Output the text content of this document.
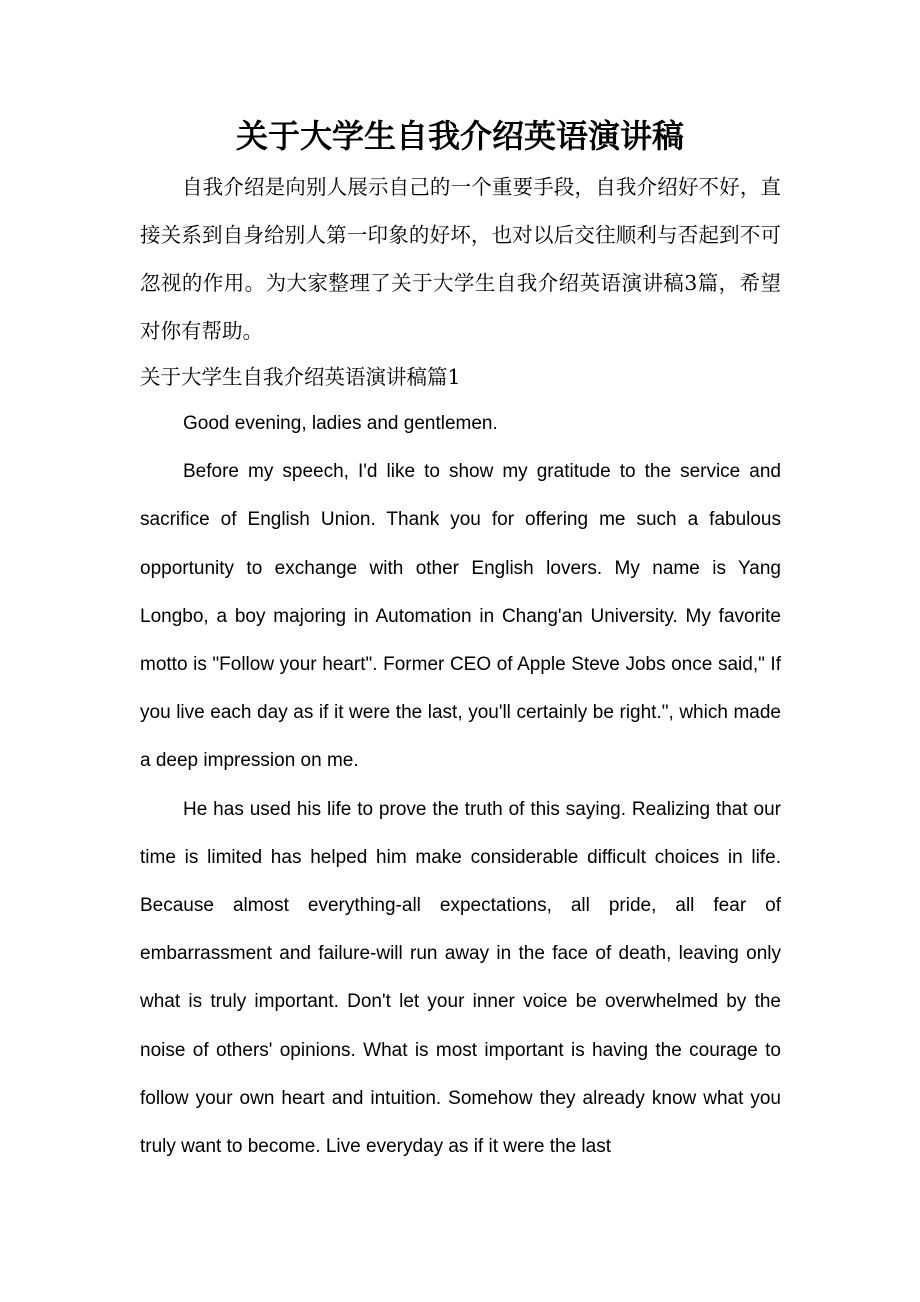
关于大学生自我介绍英语演讲稿

自我介绍是向别人展示自己的一个重要手段，自我介绍好不好，直接关系到自身给别人第一印象的好坏，也对以后交往顺利与否起到不可忽视的作用。为大家整理了关于大学生自我介绍英语演讲稿3篇，希望对你有帮助。

关于大学生自我介绍英语演讲稿篇1

Good evening, ladies and gentlemen.

Before my speech, I'd like to show my gratitude to the service and sacrifice of English Union. Thank you for offering me such a fabulous opportunity to exchange with other English lovers. My name is Yang Longbo, a boy majoring in Automation in Chang'an University. My favorite motto is "Follow your heart". Former CEO of Apple Steve Jobs once said," If you live each day as if it were the last, you'll certainly be right.", which made a deep impression on me.

He has used his life to prove the truth of this saying. Realizing that our time is limited has helped him make considerable difficult choices in life. Because almost everything-all expectations, all pride, all fear of embarrassment and failure-will run away in the face of death, leaving only what is truly important. Don't let your inner voice be overwhelmed by the noise of others' opinions. What is most important is having the courage to follow your own heart and intuition. Somehow they already know what you truly want to become. Live everyday as if it were the last
